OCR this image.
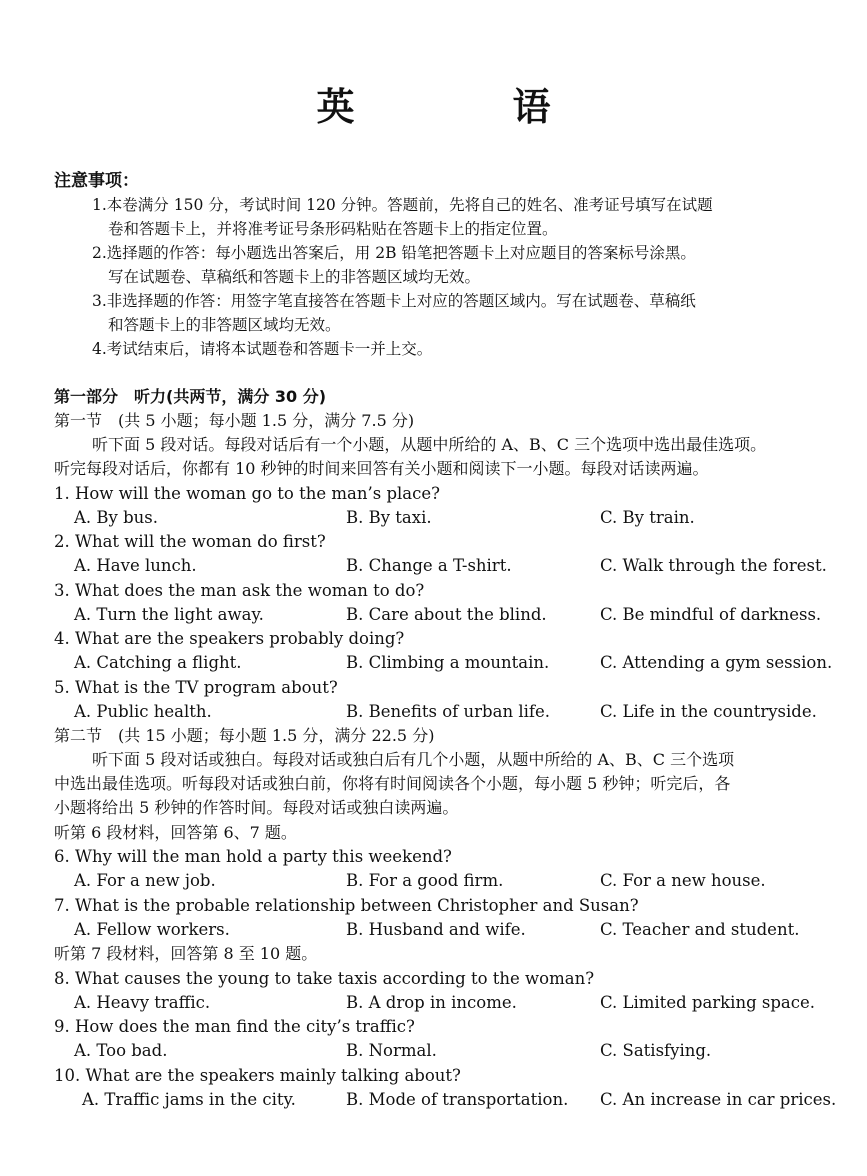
英　语
注意事项：
1.本卷满分 150 分，考试时间 120 分钟。答题前，先将自己的姓名、准考证号填写在试题
卷和答题卡上，并将准考证号条形码粘贴在答题卡上的指定位置。
2.选择题的作答：每小题选出答案后，用 2B 铅笔把答题卡上对应题目的答案标号涂黑。
写在试题卷、草稿纸和答题卡上的非答题区域均无效。
3.非选择题的作答：用签字笔直接答在答题卡上对应的答题区域内。写在试题卷、草稿纸
和答题卡上的非答题区域均无效。
4.考试结束后，请将本试题卷和答题卡一并上交。
第一部分　听力(共两节，满分 30 分)
第一节　(共 5 小题；每小题 1.5 分，满分 7.5 分)
听下面 5 段对话。每段对话后有一个小题，从题中所给的 A、B、C 三个选项中选出最佳选项。
听完每段对话后，你都有 10 秒钟的时间来回答有关小题和阅读下一小题。每段对话读两遍。
1. How will the woman go to the man’s place?
A. By bus.	B. By taxi.	C. By train.
2. What will the woman do first?
A. Have lunch.	B. Change a T-shirt.	C. Walk through the forest.
3. What does the man ask the woman to do?
A. Turn the light away.	B. Care about the blind.	C. Be mindful of darkness.
4. What are the speakers probably doing?
A. Catching a flight.	B. Climbing a mountain.	C. Attending a gym session.
5. What is the TV program about?
A. Public health.	B. Benefits of urban life.	C. Life in the countryside.
第二节　(共 15 小题；每小题 1.5 分，满分 22.5 分)
听下面 5 段对话或独白。每段对话或独白后有几个小题，从题中所给的 A、B、C 三个选项
中选出最佳选项。听每段对话或独白前，你将有时间阅读各个小题，每小题 5 秒钟；听完后，各
小题将给出 5 秒钟的作答时间。每段对话或独白读两遍。
听第 6 段材料，回答第 6、7 题。
6. Why will the man hold a party this weekend?
A. For a new job.	B. For a good firm.	C. For a new house.
7. What is the probable relationship between Christopher and Susan?
A. Fellow workers.	B. Husband and wife.	C. Teacher and student.
听第 7 段材料，回答第 8 至 10 题。
8. What causes the young to take taxis according to the woman?
A. Heavy traffic.	B. A drop in income.	C. Limited parking space.
9. How does the man find the city’s traffic?
A. Too bad.	B. Normal.	C. Satisfying.
10. What are the speakers mainly talking about?
A. Traffic jams in the city.	B. Mode of transportation. C. An increase in car prices.
